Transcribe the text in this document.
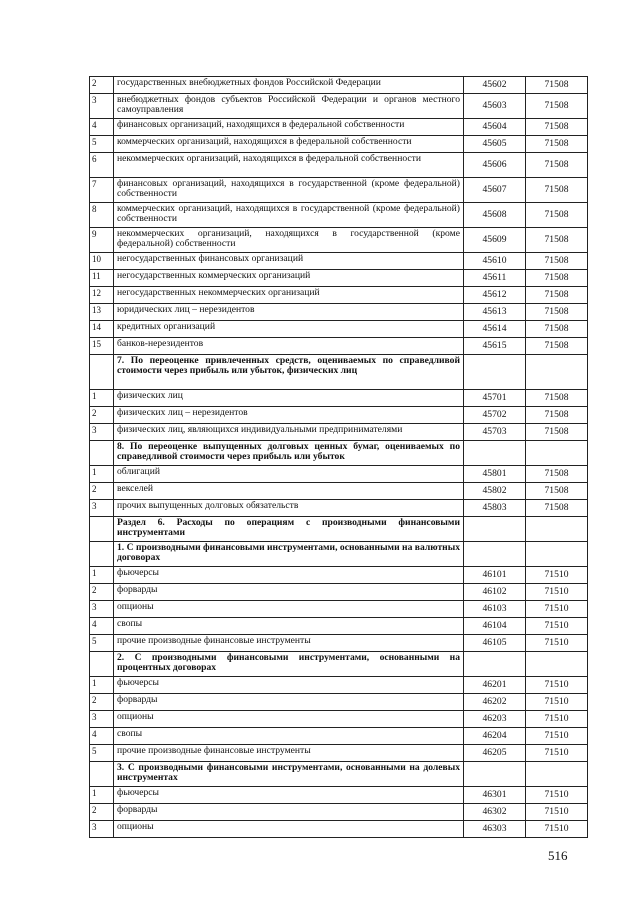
2	государственных внебюджетных фондов Российской Федерации	45602	71508
3	внебюджетных фондов субъектов Российской Федерации и органов местного самоуправления	45603	71508
4	финансовых организаций, находящихся в федеральной собственности	45604	71508
5	коммерческих организаций, находящихся в федеральной собственности	45605	71508
6	некоммерческих организаций, находящихся в федеральной собственности	45606	71508
7	финансовых организаций, находящихся в государственной (кроме федеральной) собственности	45607	71508
8	коммерческих организаций, находящихся в государственной (кроме федеральной) собственности	45608	71508
9	некоммерческих организаций, находящихся в государственной (кроме федеральной) собственности	45609	71508
10	негосударственных финансовых организаций	45610	71508
11	негосударственных коммерческих организаций	45611	71508
12	негосударственных некоммерческих организаций	45612	71508
13	юридических лиц – нерезидентов	45613	71508
14	кредитных организаций	45614	71508
15	банков-нерезидентов	45615	71508
	7. По переоценке привлеченных средств, оцениваемых по справедливой стоимости через прибыль или убыток, физических лиц		
1	физических лиц	45701	71508
2	физических лиц – нерезидентов	45702	71508
3	физических лиц, являющихся индивидуальными предпринимателями	45703	71508
	8. По переоценке выпущенных долговых ценных бумаг, оцениваемых по справедливой стоимости через прибыль или убыток		
1	облигаций	45801	71508
2	векселей	45802	71508
3	прочих выпущенных долговых обязательств	45803	71508
	Раздел 6. Расходы по операциям с производными финансовыми инструментами		
	1. С производными финансовыми инструментами, основанными на валютных договорах		
1	фьючерсы	46101	71510
2	форварды	46102	71510
3	опционы	46103	71510
4	свопы	46104	71510
5	прочие производные финансовые инструменты	46105	71510
	2. С производными финансовыми инструментами, основанными на процентных договорах		
1	фьючерсы	46201	71510
2	форварды	46202	71510
3	опционы	46203	71510
4	свопы	46204	71510
5	прочие производные финансовые инструменты	46205	71510
	3. С производными финансовыми инструментами, основанными на долевых инструментах		
1	фьючерсы	46301	71510
2	форварды	46302	71510
3	опционы	46303	71510
516
